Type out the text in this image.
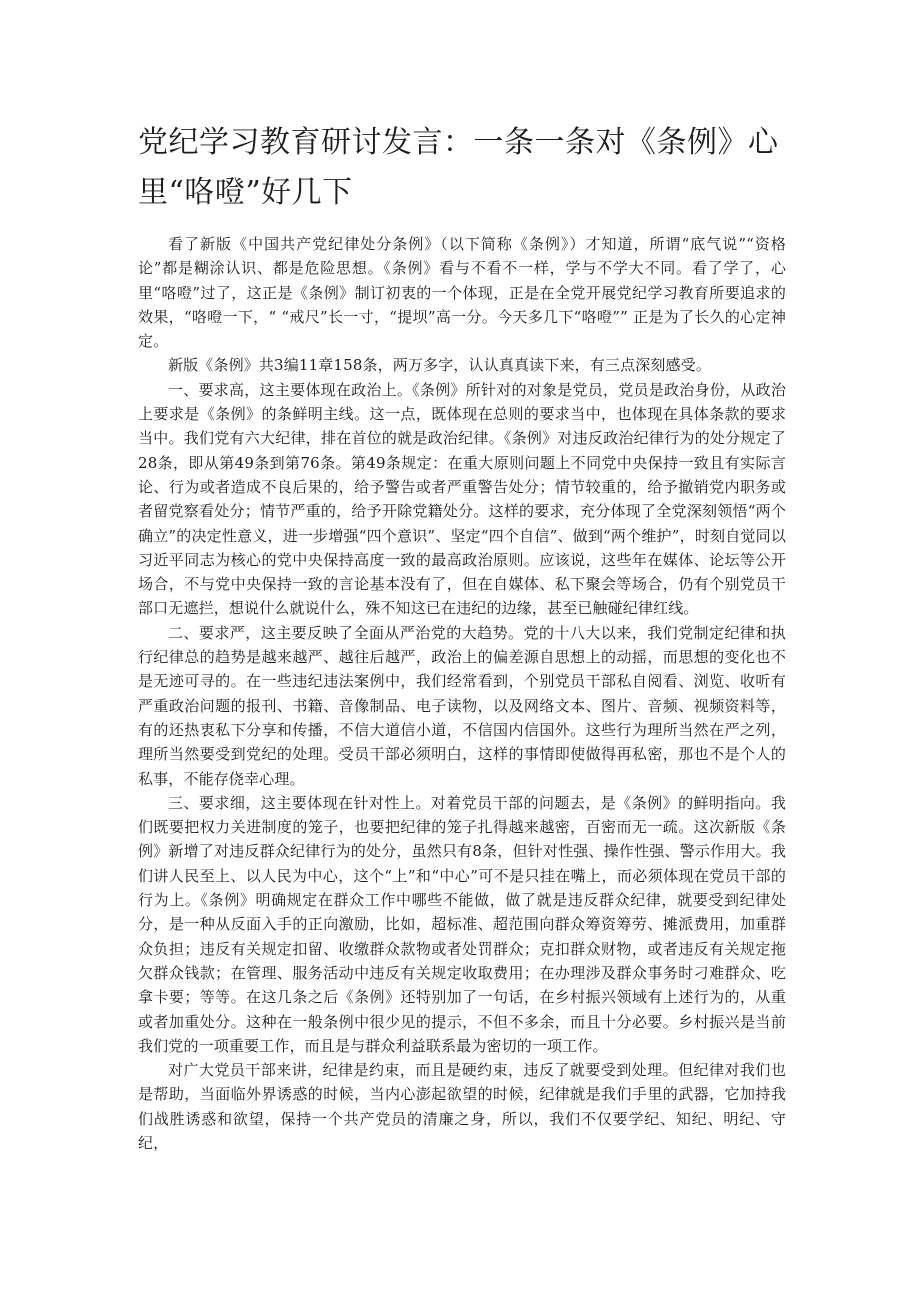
党纪学习教育研讨发言：一条一条对《条例》心里“咯噔”好几下

看了新版《中国共产党纪律处分条例》（以下简称《条例》）才知道，所谓“底气说”“资格论”都是糊涂认识、都是危险思想。《条例》看与不看不一样，学与不学大不同。看了学了，心里“咯噔”过了，这正是《条例》制订初衷的一个体现，正是在全党开展党纪学习教育所要追求的效果，“咯噔一下，“ “戒尺”长一寸，“提坝”高一分。今天多几下“咯噔”” 正是为了长久的心定神定。

新版《条例》共3编11章158条，两万多字，认认真真读下来，有三点深刻感受。

一、要求高，这主要体现在政治上。《条例》所针对的对象是党员，党员是政治身份，从政治上要求是《条例》的条鲜明主线。这一点，既体现在总则的要求当中，也体现在具体条款的要求当中。我们党有六大纪律，排在首位的就是政治纪律。《条例》对违反政治纪律行为的处分规定了28条，即从第49条到第76条。第49条规定：在重大原则问题上不同党中央保持一致且有实际言论、行为或者造成不良后果的，给予警告或者严重警告处分；情节较重的，给予撤销党内职务或者留党察看处分；情节严重的，给予开除党籍处分。这样的要求，充分体现了全党深刻领悟“两个确立”的决定性意义，进一步增强“四个意识”、坚定“四个自信”、做到“两个维护”，时刻自觉同以习近平同志为核心的党中央保持高度一致的最高政治原则。应该说，这些年在媒体、论坛等公开场合，不与党中央保持一致的言论基本没有了，但在自媒体、私下聚会等场合，仍有个别党员干部口无遮拦，想说什么就说什么，殊不知这已在违纪的边缘，甚至已触碰纪律红线。

二、要求严，这主要反映了全面从严治党的大趋势。党的十八大以来，我们党制定纪律和执行纪律总的趋势是越来越严、越往后越严，政治上的偏差源自思想上的动摇，而思想的变化也不是无迹可寻的。在一些违纪违法案例中，我们经常看到，个别党员干部私自阅看、浏览、收听有严重政治问题的报刊、书籍、音像制品、电子读物，以及网络文本、图片、音频、视频资料等，有的还热衷私下分享和传播，不信大道信小道，不信国内信国外。这些行为理所当然在严之列，理所当然要受到党纪的处理。受员干部必须明白，这样的事情即使做得再私密，那也不是个人的私事，不能存侥幸心理。

三、要求细，这主要体现在针对性上。对着党员干部的问题去，是《条例》的鲜明指向。我们既要把权力关进制度的笼子，也要把纪律的笼子扎得越来越密，百密而无一疏。这次新版《条例》新增了对违反群众纪律行为的处分，虽然只有8条，但针对性强、操作性强、警示作用大。我们讲人民至上、以人民为中心，这个“上”和“中心”可不是只挂在嘴上，而必须体现在党员干部的行为上。《条例》明确规定在群众工作中哪些不能做，做了就是违反群众纪律，就要受到纪律处分，是一种从反面入手的正向激励，比如，超标准、超范围向群众筹资筹劳、摊派费用，加重群众负担；违反有关规定扣留、收缴群众款物或者处罚群众；克扣群众财物，或者违反有关规定拖欠群众钱款；在管理、服务活动中违反有关规定收取费用；在办理涉及群众事务时刁难群众、吃拿卡要；等等。在这几条之后《条例》还特别加了一句话，在乡村振兴领域有上述行为的，从重或者加重处分。这种在一般条例中很少见的提示，不但不多余，而且十分必要。乡村振兴是当前我们党的一项重要工作，而且是与群众利益联系最为密切的一项工作。

对广大党员干部来讲，纪律是约束，而且是硬约束，违反了就要受到处理。但纪律对我们也是帮助，当面临外界诱惑的时候，当内心澎起欲望的时候，纪律就是我们手里的武器，它加持我们战胜诱惑和欲望，保持一个共产党员的清廉之身，所以，我们不仅要学纪、知纪、明纪、守纪，
